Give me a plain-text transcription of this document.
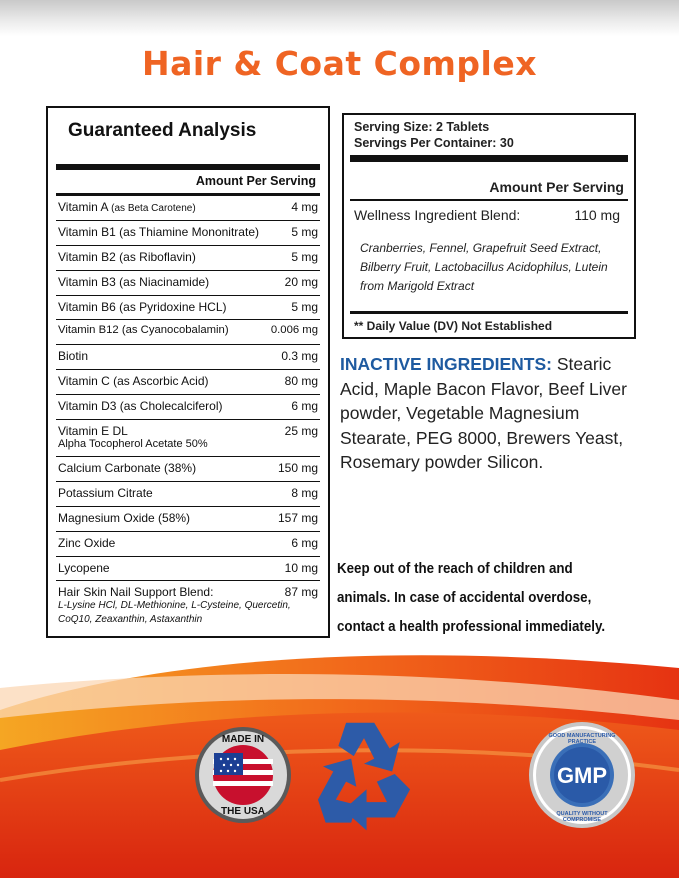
Hair & Coat Complex
Guaranteed Analysis
Amount Per Serving
Vitamin A (as Beta Carotene)	4 mg
Vitamin B1 (as Thiamine Mononitrate)	5 mg
Vitamin B2 (as Riboflavin)	5 mg
Vitamin B3 (as Niacinamide)	20 mg
Vitamin B6 (as Pyridoxine HCL)	5 mg
Vitamin B12 (as Cyanocobalamin)	0.006 mg
Biotin	0.3 mg
Vitamin C (as Ascorbic Acid)	80 mg
Vitamin D3 (as Cholecalciferol)	6 mg
Vitamin E DL	25 mg
Alpha Tocopherol Acetate 50%
Calcium Carbonate (38%)	150 mg
Potassium Citrate	8 mg
Magnesium Oxide (58%)	157 mg
Zinc Oxide	6 mg
Lycopene	10 mg
Hair Skin Nail Support Blend:	87 mg
L-Lysine HCl, DL-Methionine, L-Cysteine, Quercetin, CoQ10, Zeaxanthin, Astaxanthin
Serving Size: 2 Tablets
Servings Per Container: 30
Amount Per Serving
Wellness Ingredient Blend:	110 mg
Cranberries, Fennel, Grapefruit Seed Extract, Bilberry Fruit, Lactobacillus Acidophilus, Lutein from Marigold Extract
** Daily Value (DV) Not Established
INACTIVE INGREDIENTS: Stearic Acid, Maple Bacon Flavor, Beef Liver powder, Vegetable Magnesium Stearate, PEG 8000, Brewers Yeast, Rosemary powder Silicon.
Keep out of the reach of children and animals. In case of accidental overdose, contact a health professional immediately.
MADE IN
THE USA
GMP
GOOD MANUFACTURING PRACTICE
QUALITY WITHOUT COMPROMISE
